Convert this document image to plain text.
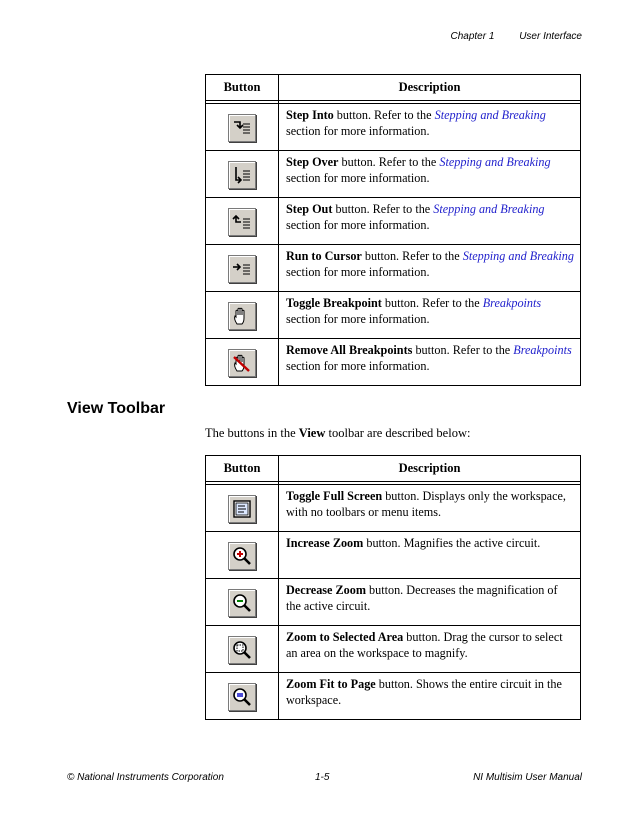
Chapter 1 User Interface
Button	Description

	Step Into button. Refer to the Stepping and Breaking section for more information.

	Step Over button. Refer to the Stepping and Breaking section for more information.

	Step Out button. Refer to the Stepping and Breaking section for more information.

	Run to Cursor button. Refer to the Stepping and Breaking section for more information.

	Toggle Breakpoint button. Refer to the Breakpoints section for more information.

	Remove All Breakpoints button. Refer to the Breakpoints section for more information.
View Toolbar
The buttons in the View toolbar are described below:
Button	Description

	Toggle Full Screen button. Displays only the workspace, with no toolbars or menu items.

	Increase Zoom button. Magnifies the active circuit.

	Decrease Zoom button. Decreases the magnification of the active circuit.

	Zoom to Selected Area button. Drag the cursor to select an area on the workspace to magnify.

	Zoom Fit to Page button. Shows the entire circuit in the workspace.
© National Instruments Corporation	1-5	NI Multisim User Manual
